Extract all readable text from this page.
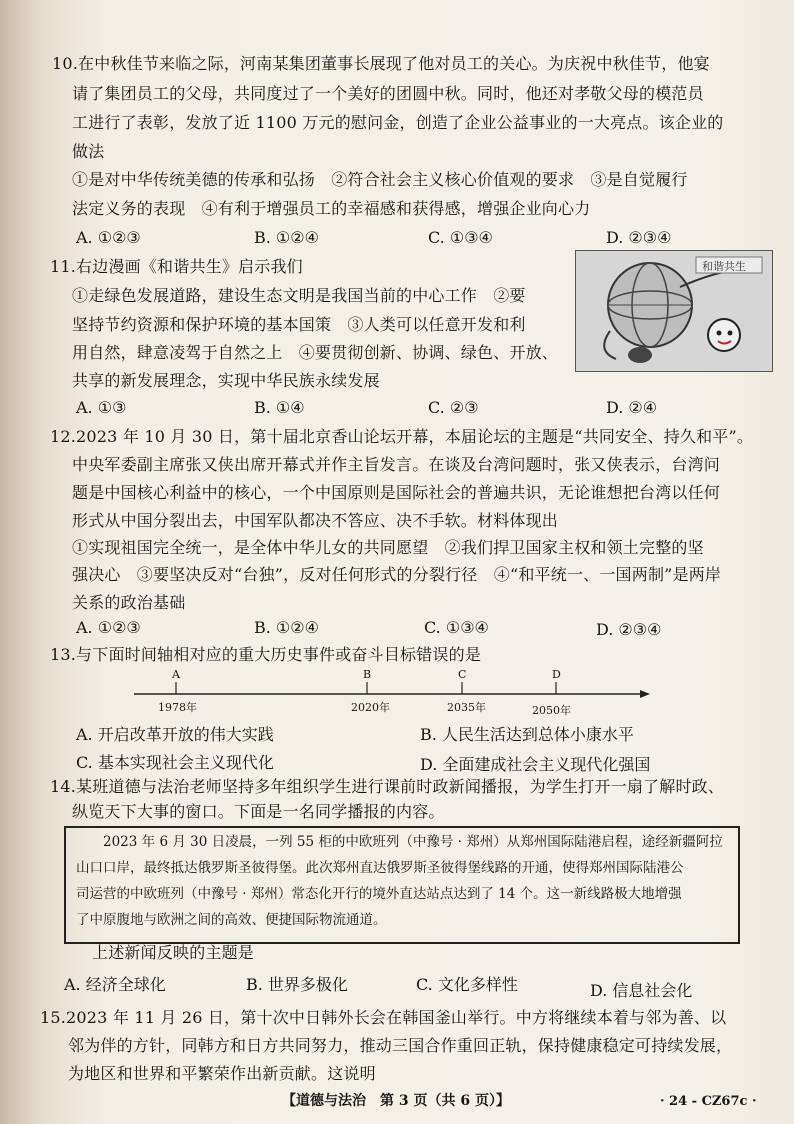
10.在中秋佳节来临之际，河南某集团董事长展现了他对员工的关心。为庆祝中秋佳节，他宴
请了集团员工的父母，共同度过了一个美好的团圆中秋。同时，他还对孝敬父母的模范员
工进行了表彰，发放了近 1100 万元的慰问金，创造了企业公益事业的一大亮点。该企业的
做法
①是对中华传统美德的传承和弘扬　②符合社会主义核心价值观的要求　③是自觉履行
法定义务的表现　④有利于增强员工的幸福感和获得感，增强企业向心力
A. ①②③	B. ①②④	C. ①③④	D. ②③④
11.右边漫画《和谐共生》启示我们
①走绿色发展道路，建设生态文明是我国当前的中心工作　②要
坚持节约资源和保护环境的基本国策　③人类可以任意开发和利
用自然，肆意凌驾于自然之上　④要贯彻创新、协调、绿色、开放、
共享的新发展理念，实现中华民族永续发展
A. ①③	B. ①④	C. ②③	D. ②④
和谐共生
12.2023 年 10 月 30 日，第十届北京香山论坛开幕，本届论坛的主题是“共同安全、持久和平”。
中央军委副主席张又侠出席开幕式并作主旨发言。在谈及台湾问题时，张又侠表示，台湾问
题是中国核心利益中的核心，一个中国原则是国际社会的普遍共识，无论谁想把台湾以任何
形式从中国分裂出去，中国军队都决不答应、决不手软。材料体现出
①实现祖国完全统一，是全体中华儿女的共同愿望　②我们捍卫国家主权和领土完整的坚
强决心　③要坚决反对“台独”，反对任何形式的分裂行径　④“和平统一、一国两制”是两岸
关系的政治基础
A. ①②③	B. ①②④	C. ①③④	D. ②③④
13.与下面时间轴相对应的重大历史事件或奋斗目标错误的是
A	B	C	D
1978年	2020年	2035年	2050年
A. 开启改革开放的伟大实践	B. 人民生活达到总体小康水平
C. 基本实现社会主义现代化	D. 全面建成社会主义现代化强国
14.某班道德与法治老师坚持多年组织学生进行课前时政新闻播报，为学生打开一扇了解时政、
纵览天下大事的窗口。下面是一名同学播报的内容。
　　2023 年 6 月 30 日凌晨，一列 55 柜的中欧班列（中豫号 · 郑州）从郑州国际陆港启程，途经新疆阿拉
山口口岸，最终抵达俄罗斯圣彼得堡。此次郑州直达俄罗斯圣彼得堡线路的开通，使得郑州国际陆港公
司运营的中欧班列（中豫号 · 郑州）常态化开行的境外直达站点达到了 14 个。这一新线路极大地增强
了中原腹地与欧洲之间的高效、便捷国际物流通道。
上述新闻反映的主题是
A. 经济全球化	B. 世界多极化	C. 文化多样性	D. 信息社会化
15.2023 年 11 月 26 日，第十次中日韩外长会在韩国釜山举行。中方将继续本着与邻为善、以
邻为伴的方针，同韩方和日方共同努力，推动三国合作重回正轨，保持健康稳定可持续发展，
为地区和世界和平繁荣作出新贡献。这说明
【道德与法治　第 3 页（共 6 页）】	· 24 - CZ67c ·
